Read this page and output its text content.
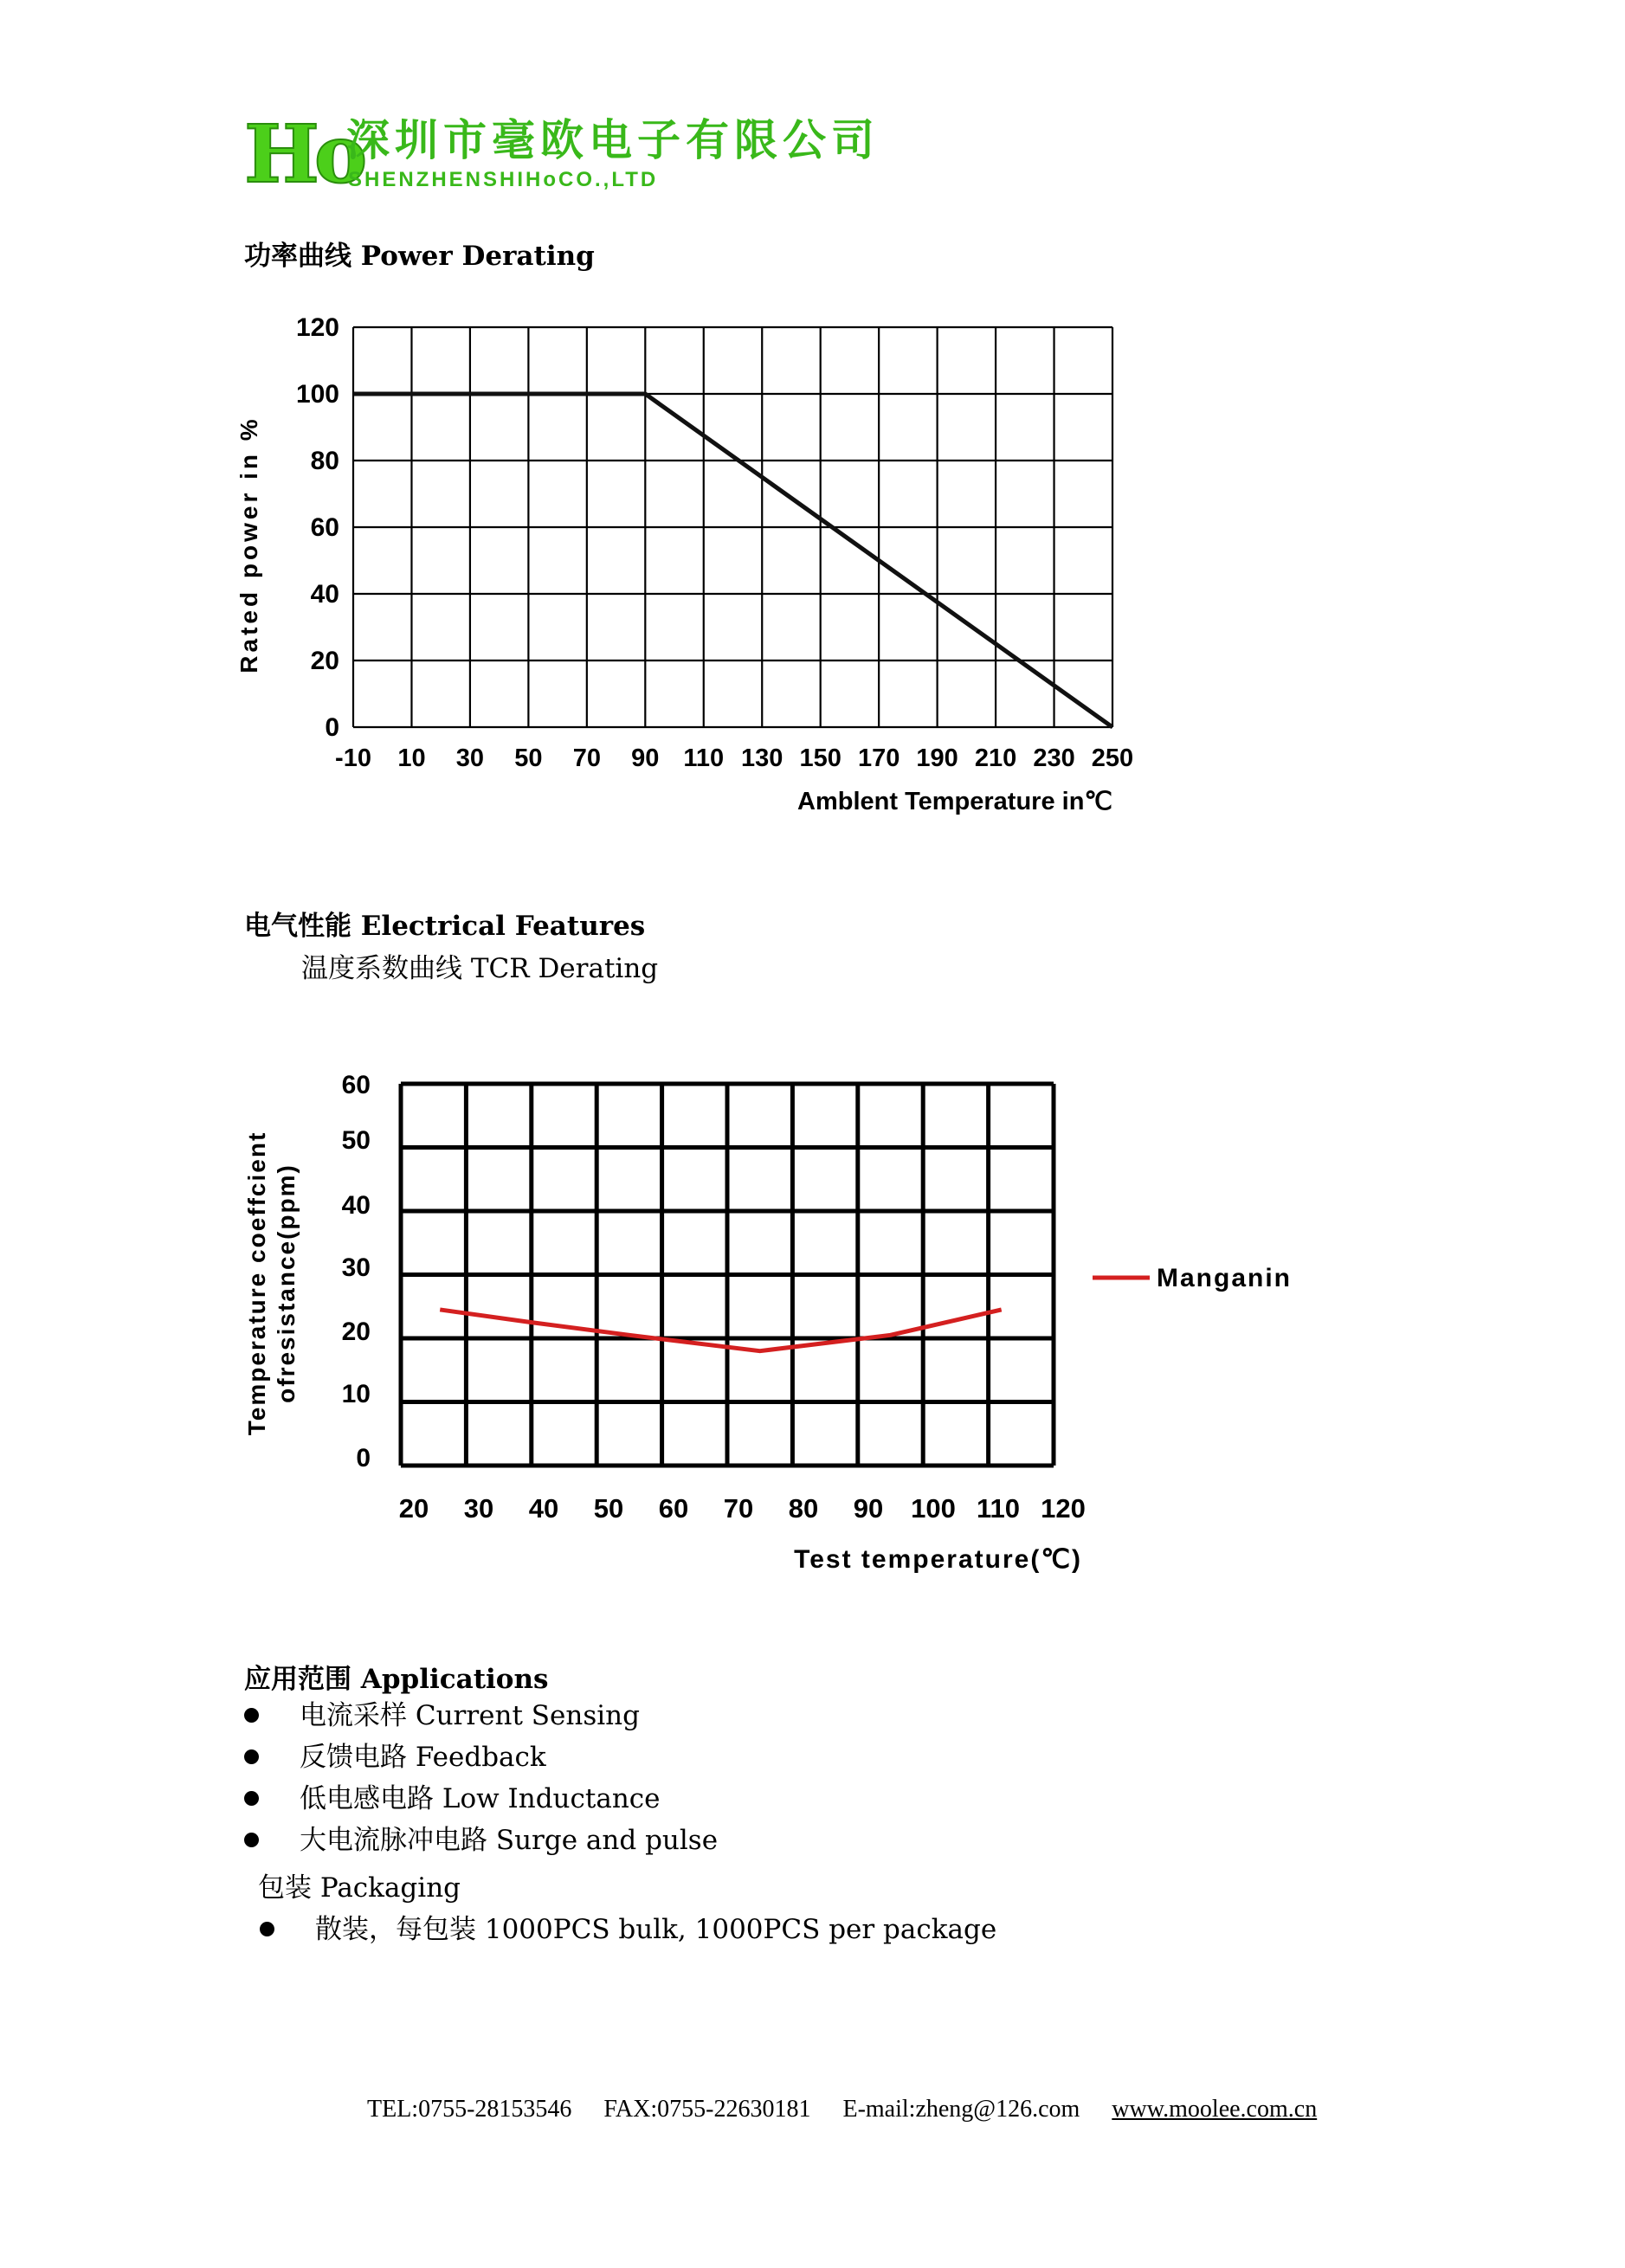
Ho
深圳市毫欧电子有限公司
SHENZHENSHIHoCO.,LTD
功率曲线 Power Derating
120
100
80
60
40
20
0
-10 10 30 50 70 90 110 130 150 170 190 210 230 250
Rated power in %
Amblent Temperature in℃
电气性能 Electrical Features
温度系数曲线 TCR Derating
60
50
40
30
20
10
0
20 30 40 50 60 70 80 90 100 110 120
Temperature coeffcient ofresistance(ppm)
Test temperature(℃)
Manganin
应用范围 Applications
电流采样 Current Sensing
反馈电路 Feedback
低电感电路 Low Inductance
大电流脉冲电路 Surge and pulse
包装 Packaging
散装，每包装 1000PCS bulk, 1000PCS per package
TEL:0755-28153546 FAX:0755-22630181 E-mail:zheng@126.com www.moolee.com.cn
